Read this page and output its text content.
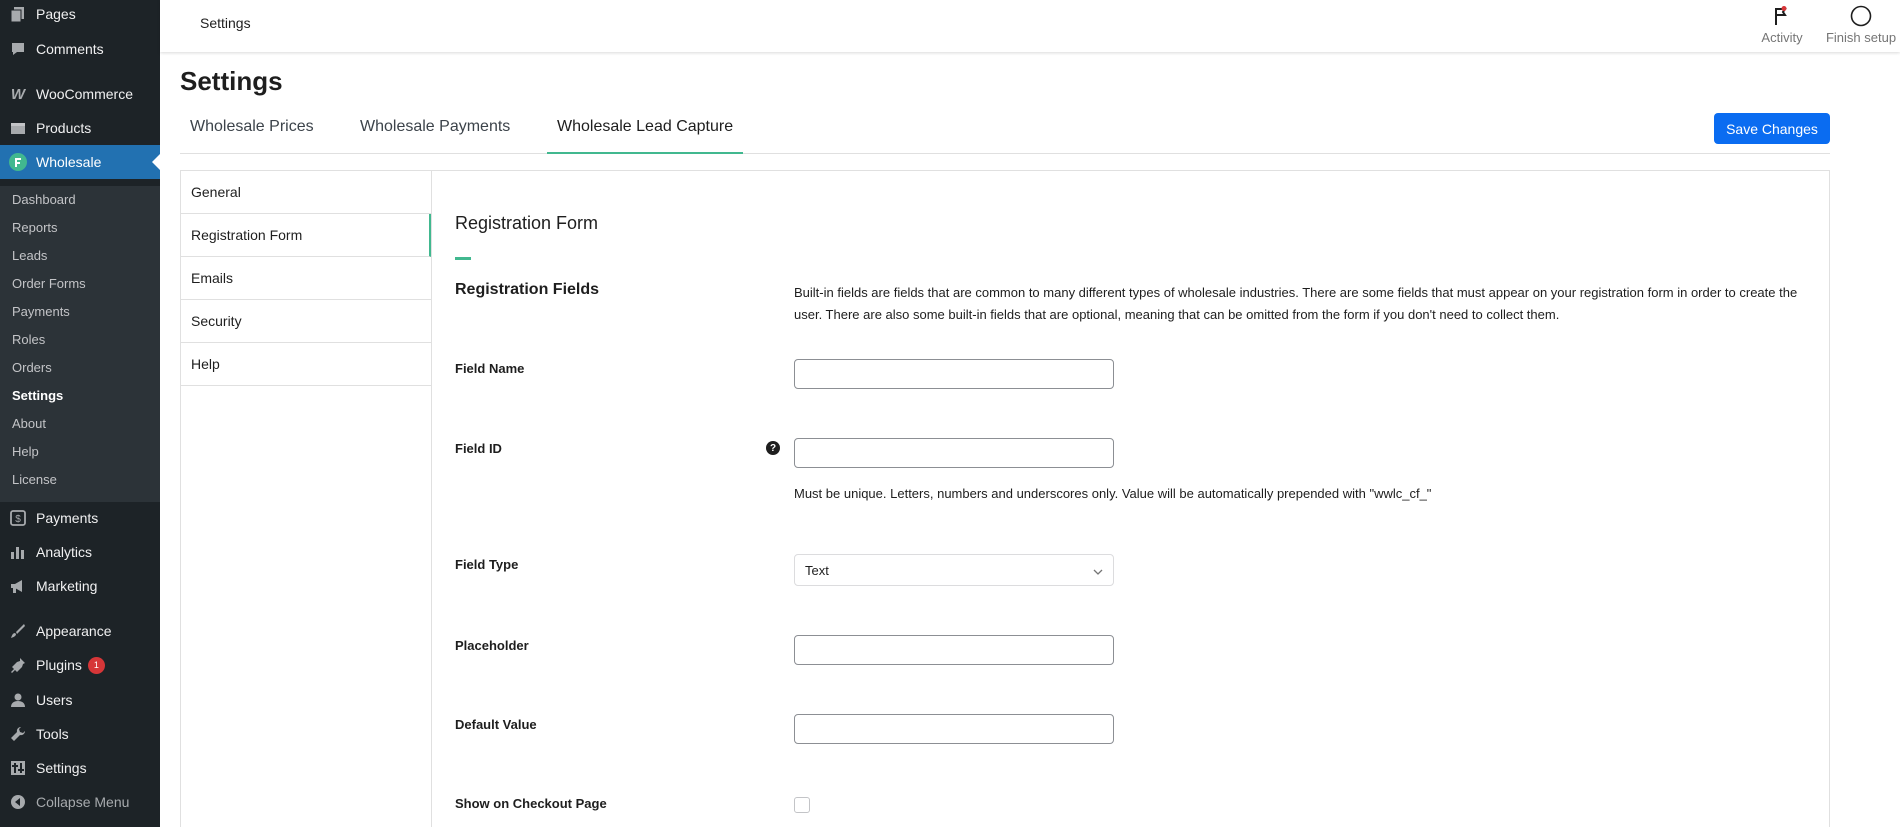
Pages
Comments
W WooCommerce
Products
Wholesale
Dashboard
Reports
Leads
Order Forms
Payments
Roles
Orders
Settings
About
Help
License
$ Payments
Analytics
Marketing
Appearance
Plugins	1
Users
Tools
Settings
Collapse Menu
Settings
Activity	Finish setup
Settings
Wholesale Prices	Wholesale Payments	Wholesale Lead Capture	Save Changes
General
Registration Form
Emails
Security
Help
Registration Form
Registration Fields	Built-in fields are fields that are common to many different types of wholesale industries. There are some fields that must appear on your registration form in order to create the user. There are also some built-in fields that are optional, meaning that can be omitted from the form if you don't need to collect them.
Field Name
Field ID	?
Must be unique. Letters, numbers and underscores only. Value will be automatically prepended with "wwlc_cf_"
Field Type	Text
Placeholder
Default Value
Show on Checkout Page
